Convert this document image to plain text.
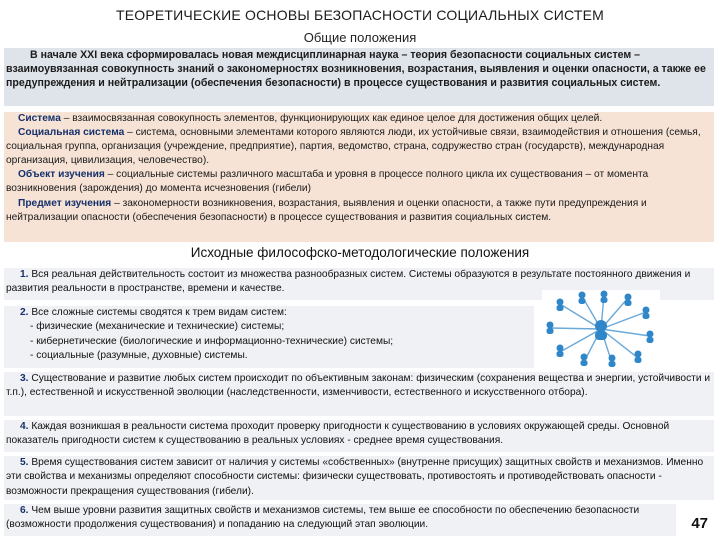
ТЕОРЕТИЧЕСКИЕ ОСНОВЫ БЕЗОПАСНОСТИ СОЦИАЛЬНЫХ СИСТЕМ
Общие положения
В начале XXI века сформировалась новая междисциплинарная наука – теория безопасности социальных систем – взаимоувязанная совокупность знаний о закономерностях возникновения, возрастания, выявления и оценки опасности, а также ее предупреждения и нейтрализации (обеспечения безопасности) в процессе существования и развития социальных систем.
Система – взаимосвязанная совокупность элементов, функционирующих как единое целое для достижения общих целей.
Социальная система – система, основными элементами которого являются люди, их устойчивые связи, взаимодействия и отношения (семья, социальная группа, организация (учреждение, предприятие), партия, ведомство, страна, содружество стран (государств), международная организация, цивилизация, человечество).
Объект изучения – социальные системы различного масштаба и уровня в процессе полного цикла их существования – от момента возникновения (зарождения) до момента исчезновения (гибели)
Предмет изучения – закономерности возникновения, возрастания, выявления и оценки опасности, а также пути предупреждения и нейтрализации опасности (обеспечения безопасности) в процессе существования и развития социальных систем.
Исходные философско-методологические положения
1. Вся реальная действительность состоит из множества разнообразных систем. Системы образуются в результате постоянного движения и развития реальности в пространстве, времени и качестве.
2. Все сложные системы сводятся к трем видам систем:
- физические (механические и технические) системы;
- кибернетические (биологические и информационно-технические) системы;
- социальные (разумные, духовные) системы.
3. Существование и развитие любых систем происходит по объективным законам: физическим (сохранения вещества и энергии, устойчивости и т.п.), естественной и искусственной эволюции (наследственности, изменчивости, естественного и искусственного отбора).
4. Каждая возникшая в реальности система проходит проверку пригодности к существованию в условиях окружающей среды. Основной показатель пригодности систем к существованию в реальных условиях - среднее время существования.
5. Время существования систем зависит от наличия у системы «собственных» (внутренне присущих) защитных свойств и механизмов. Именно эти свойства и механизмы определяют способности системы: физически существовать, противостоять и противодействовать опасности - возможности прекращения существования (гибели).
6. Чем выше уровни развития защитных свойств и механизмов системы, тем выше ее способности по обеспечению безопасности (возможности продолжения существования) и попаданию на следующий этап эволюции.	47
